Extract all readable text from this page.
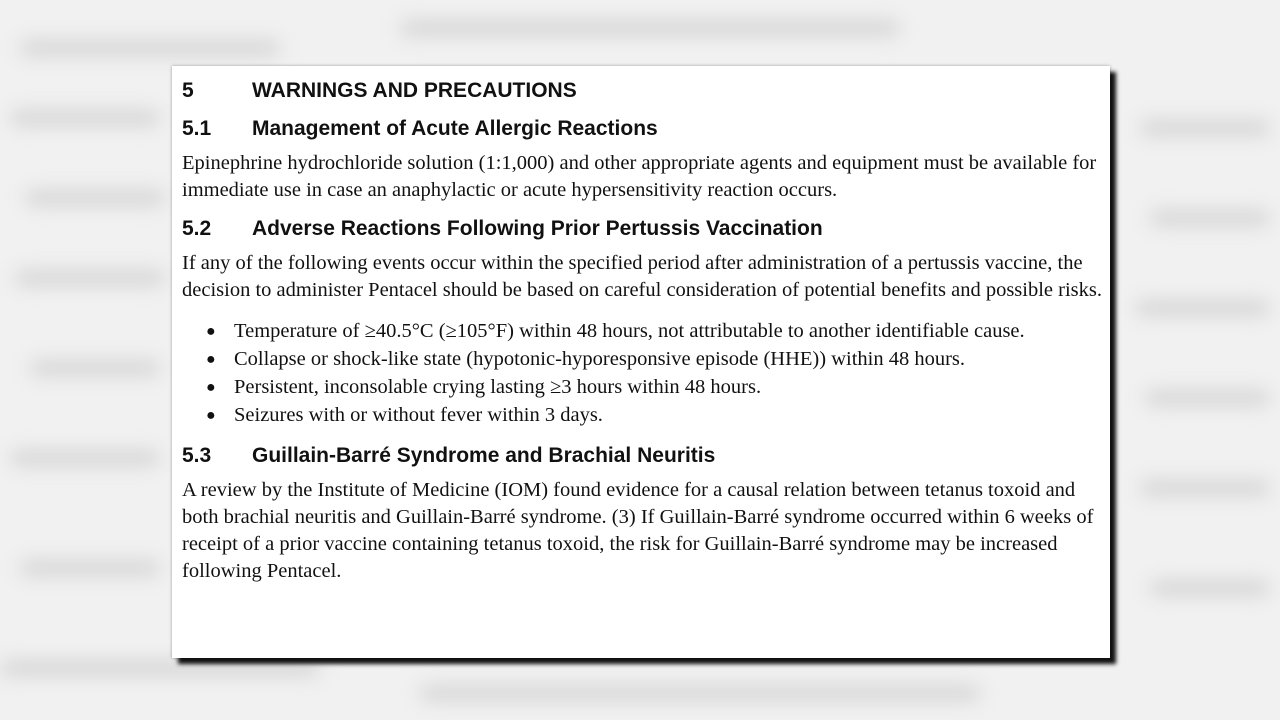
5	WARNINGS AND PRECAUTIONS
5.1	Management of Acute Allergic Reactions

Epinephrine hydrochloride solution (1:1,000) and other appropriate agents and equipment must be available for immediate use in case an anaphylactic or acute hypersensitivity reaction occurs.

5.2	Adverse Reactions Following Prior Pertussis Vaccination

If any of the following events occur within the specified period after administration of a pertussis vaccine, the decision to administer Pentacel should be based on careful consideration of potential benefits and possible risks.

● Temperature of ≥40.5°C (≥105°F) within 48 hours, not attributable to another identifiable cause.
● Collapse or shock-like state (hypotonic-hyporesponsive episode (HHE)) within 48 hours.
● Persistent, inconsolable crying lasting ≥3 hours within 48 hours.
● Seizures with or without fever within 3 days.
5.3	Guillain-Barré Syndrome and Brachial Neuritis

A review by the Institute of Medicine (IOM) found evidence for a causal relation between tetanus toxoid and both brachial neuritis and Guillain-Barré syndrome. (3) If Guillain-Barré syndrome occurred within 6 weeks of receipt of a prior vaccine containing tetanus toxoid, the risk for Guillain-Barré syndrome may be increased following Pentacel.
